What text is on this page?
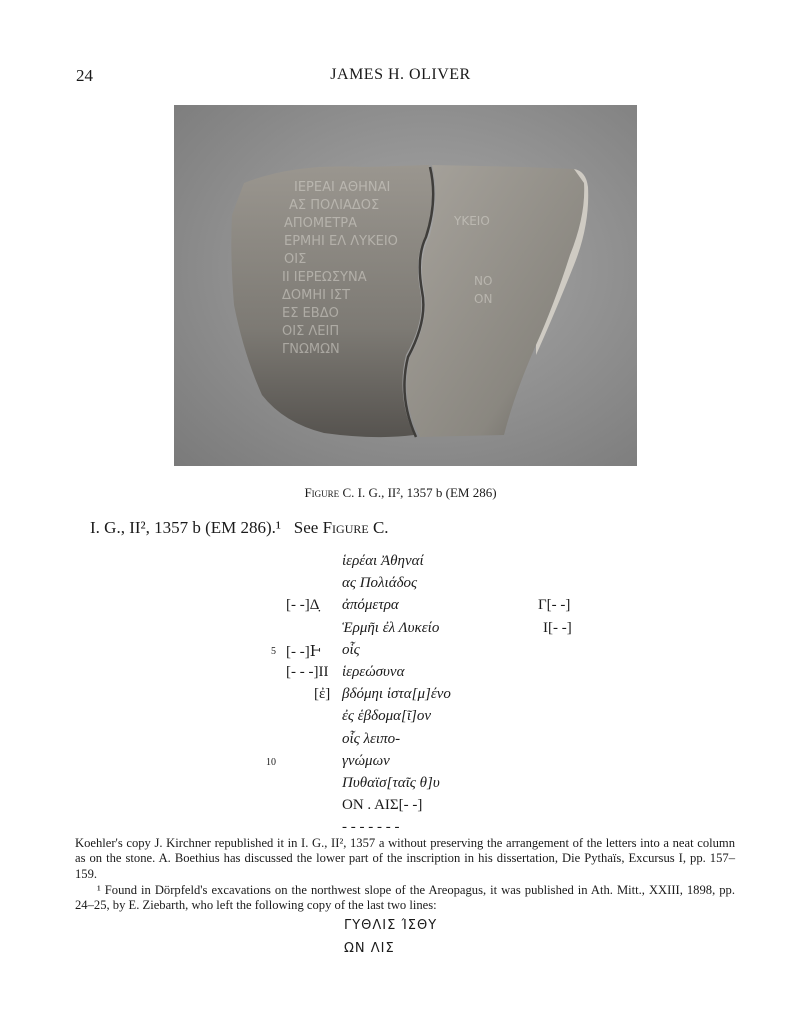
24	JAMES H. OLIVER
ΙΕΡΕΑΙ ΑΘΗΝΑΙ
ΑΣ ΠΟΛΙΑΔΟΣ
ΑΠΟΜΕΤΡΑ
ΕΡΜΗΙ ΕΛ ΛΥΚΕΙΟ
ΟΙΣ
ΙΙ ΙΕΡΕΩΣΥΝΑ
ΔΟΜΗΙ ΙΣΤ
ΕΣ ΕΒΔΟ
ΟΙΣ ΛΕΙΠ
ΓΝΩΜΩΝ
ΥΚΕΙΟ
ΝΟ
ΟΝ
Figure C. I. G., II², 1357 b (EM 286)
I. G., II², 1357 b (EM 286).¹ See Figure C.
ἱερέαι Ἀθηναί
ας Πολιάδος
[- -]Δ̣ ἀπόμετρα	Γ[- -]
Ἑρμῆι ἐλ Λυκείο	Ι[- -]
5 [- -]Ͱ οἷς
[- - -]ΙΙ ἱερεώσυνα
[ἐ] βδόμηι ἱστα[μ]ένο
ἐς ἑβδομα[ῖ]ον
οἷς λειπο-
10	γνώμων
Πυθαϊσ[ταῖς θ]υ
ΟΝ . ΑΙΣ[- -]
- - - - - - -
Koehler's copy J. Kirchner republished it in I. G., II², 1357 a without preserving the arrangement of the letters into a neat column as on the stone. A. Boethius has discussed the lower part of the inscription in his dissertation, Die Pythaïs, Excursus I, pp. 157–159.
¹ Found in Dörpfeld's excavations on the northwest slope of the Areopagus, it was published in Ath. Mitt., XXIII, 1898, pp. 24–25, by E. Ziebarth, who left the following copy of the last two lines:
ΓΥΘΛΙΣ ΊΣΘΥ
ΩΝ ΛΙΣ
